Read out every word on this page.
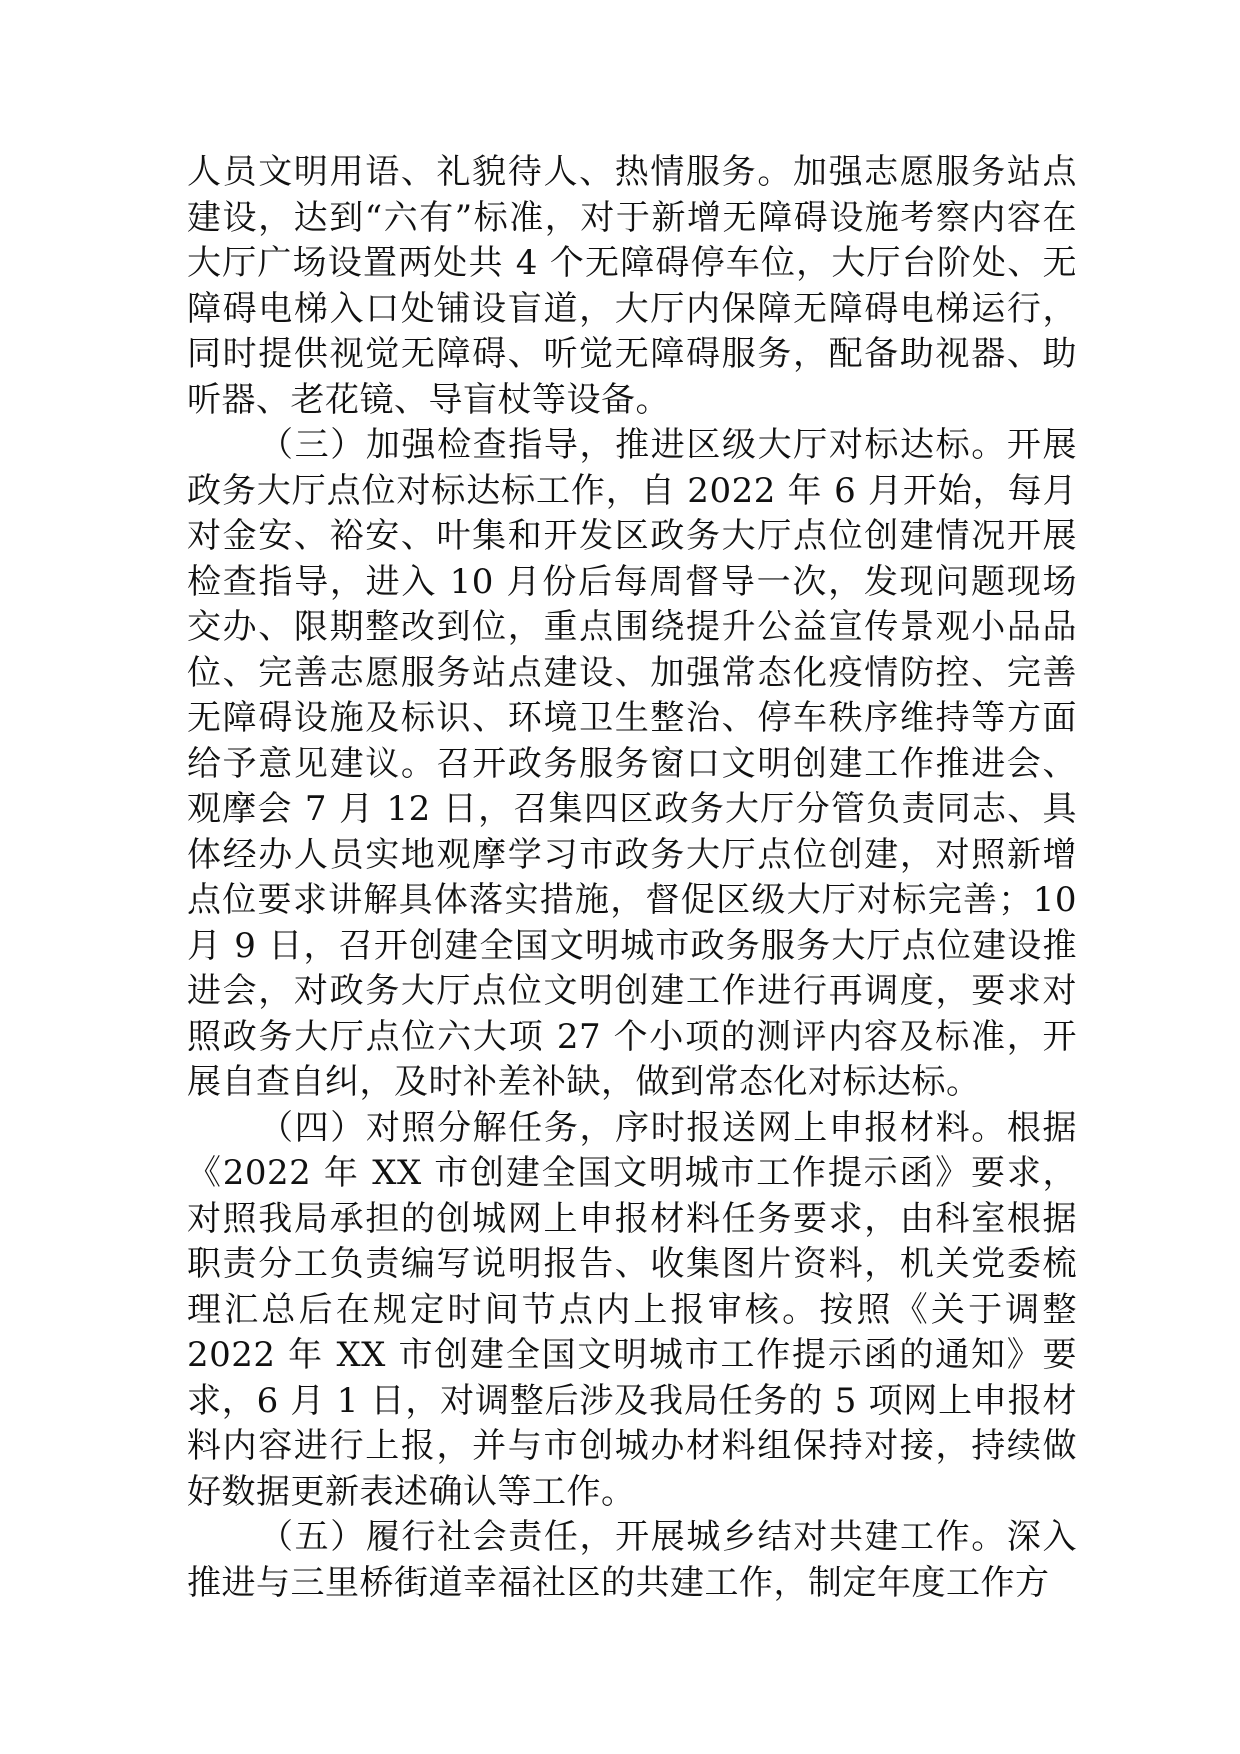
人员文明用语、礼貌待人、热情服务。加强志愿服务站点建设，达到“六有”标准，对于新增无障碍设施考察内容在大厅广场设置两处共 4 个无障碍停车位，大厅台阶处、无障碍电梯入口处铺设盲道，大厅内保障无障碍电梯运行，同时提供视觉无障碍、听觉无障碍服务，配备助视器、助听器、老花镜、导盲杖等设备。

（三）加强检查指导，推进区级大厅对标达标。开展政务大厅点位对标达标工作，自 2022 年 6 月开始，每月对金安、裕安、叶集和开发区政务大厅点位创建情况开展检查指导，进入 10 月份后每周督导一次，发现问题现场交办、限期整改到位，重点围绕提升公益宣传景观小品品位、完善志愿服务站点建设、加强常态化疫情防控、完善无障碍设施及标识、环境卫生整治、停车秩序维持等方面给予意见建议。召开政务服务窗口文明创建工作推进会、观摩会 7 月 12 日，召集四区政务大厅分管负责同志、具体经办人员实地观摩学习市政务大厅点位创建，对照新增点位要求讲解具体落实措施，督促区级大厅对标完善；10 月 9 日，召开创建全国文明城市政务服务大厅点位建设推进会，对政务大厅点位文明创建工作进行再调度，要求对照政务大厅点位六大项 27 个小项的测评内容及标准，开展自查自纠，及时补差补缺，做到常态化对标达标。

（四）对照分解任务，序时报送网上申报材料。根据《2022 年 XX 市创建全国文明城市工作提示函》要求，对照我局承担的创城网上申报材料任务要求，由科室根据职责分工负责编写说明报告、收集图片资料，机关党委梳理汇总后在规定时间节点内上报审核。按照《关于调整 2022 年 XX 市创建全国文明城市工作提示函的通知》要求，6 月 1 日，对调整后涉及我局任务的 5 项网上申报材料内容进行上报，并与市创城办材料组保持对接，持续做好数据更新表述确认等工作。

（五）履行社会责任，开展城乡结对共建工作。深入推进与三里桥街道幸福社区的共建工作，制定年度工作方
